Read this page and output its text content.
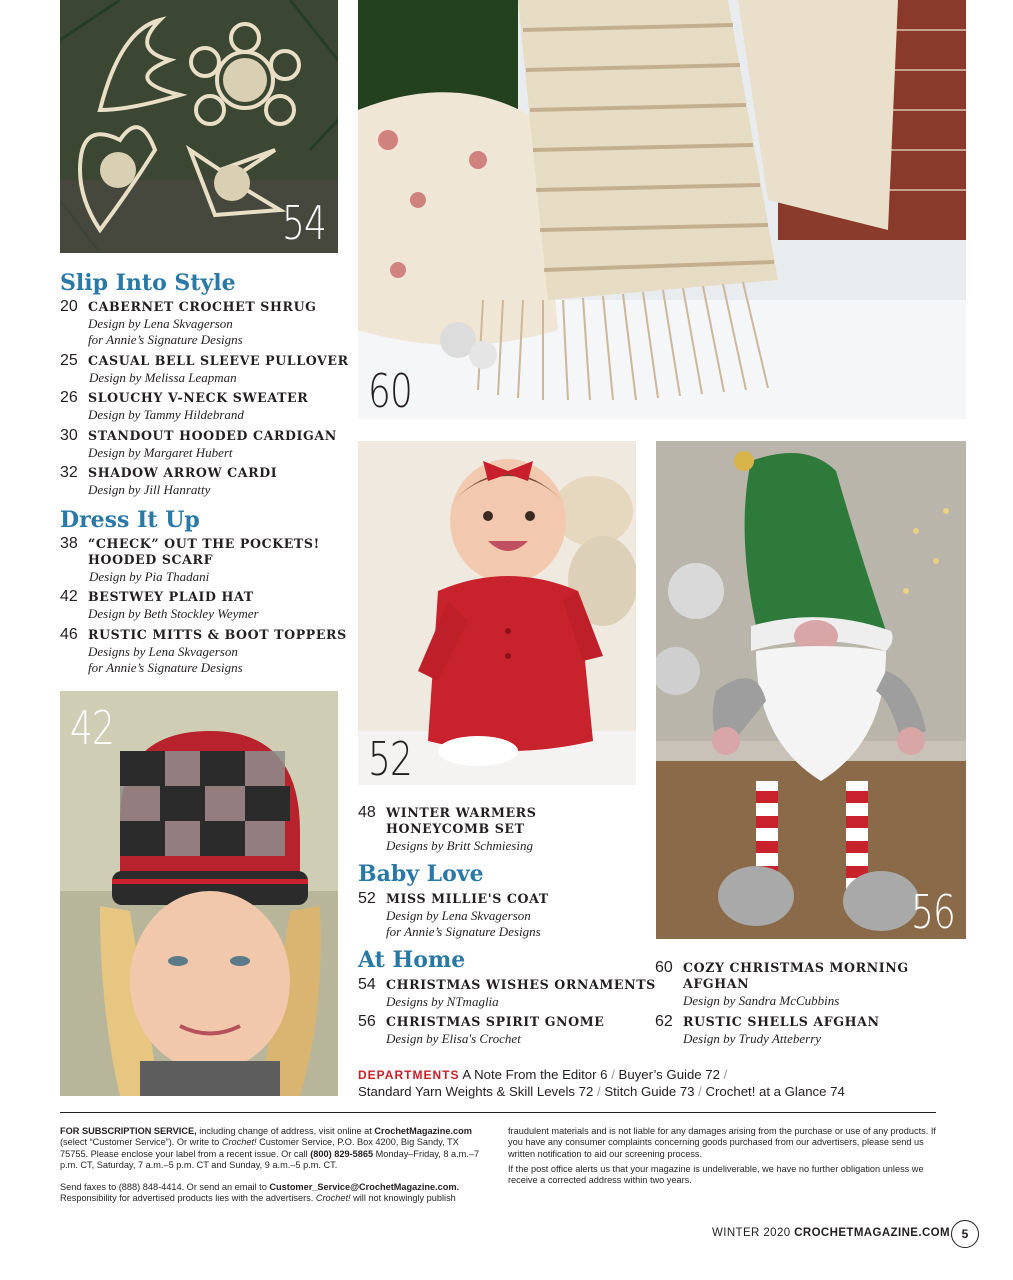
54
60
52
56
42
Slip Into Style
20 CABERNET CROCHET SHRUG
Design by Lena Skvagerson
for Annie’s Signature Designs
25 CASUAL BELL SLEEVE PULLOVER
Design by Melissa Leapman
26 SLOUCHY V-NECK SWEATER
Design by Tammy Hildebrand
30 STANDOUT HOODED CARDIGAN
Design by Margaret Hubert
32 SHADOW ARROW CARDI
Design by Jill Hanratty
Dress It Up
38 “CHECK” OUT THE POCKETS!
HOODED SCARF
Design by Pia Thadani
42 BESTWEY PLAID HAT
Design by Beth Stockley Weymer
46 RUSTIC MITTS & BOOT TOPPERS
Designs by Lena Skvagerson
for Annie’s Signature Designs
48 WINTER WARMERS
HONEYCOMB SET
Designs by Britt Schmiesing
Baby Love
52 MISS MILLIE'S COAT
Design by Lena Skvagerson
for Annie’s Signature Designs
At Home
54 CHRISTMAS WISHES ORNAMENTS
Designs by NTmaglia
56 CHRISTMAS SPIRIT GNOME
Design by Elisa's Crochet
60 COZY CHRISTMAS MORNING
AFGHAN
Design by Sandra McCubbins
62 RUSTIC SHELLS AFGHAN
Design by Trudy Atteberry
DEPARTMENTS A Note From the Editor 6 / Buyer’s Guide 72 /
Standard Yarn Weights & Skill Levels 72 / Stitch Guide 73 / Crochet! at a Glance 74
FOR SUBSCRIPTION SERVICE, including change of address, visit online at CrochetMagazine.com (select “Customer Service”). Or write to Crochet! Customer Service, P.O. Box 4200, Big Sandy, TX 75755. Please enclose your label from a recent issue. Or call (800) 829-5865 Monday–Friday, 8 a.m.–7 p.m. CT, Saturday, 7 a.m.–5 p.m. CT and Sunday, 9 a.m.–5 p.m. CT.
Send faxes to (888) 848-4414. Or send an email to Customer_Service@CrochetMagazine.com. Responsibility for advertised products lies with the advertisers. Crochet! will not knowingly publish
fraudulent materials and is not liable for any damages arising from the purchase or use of any products. If you have any consumer complaints concerning goods purchased from our advertisers, please send us written notification to aid our screening process.
If the post office alerts us that your magazine is undeliverable, we have no further obligation unless we receive a corrected address within two years.
WINTER 2020 CROCHETMAGAZINE.COM 5
